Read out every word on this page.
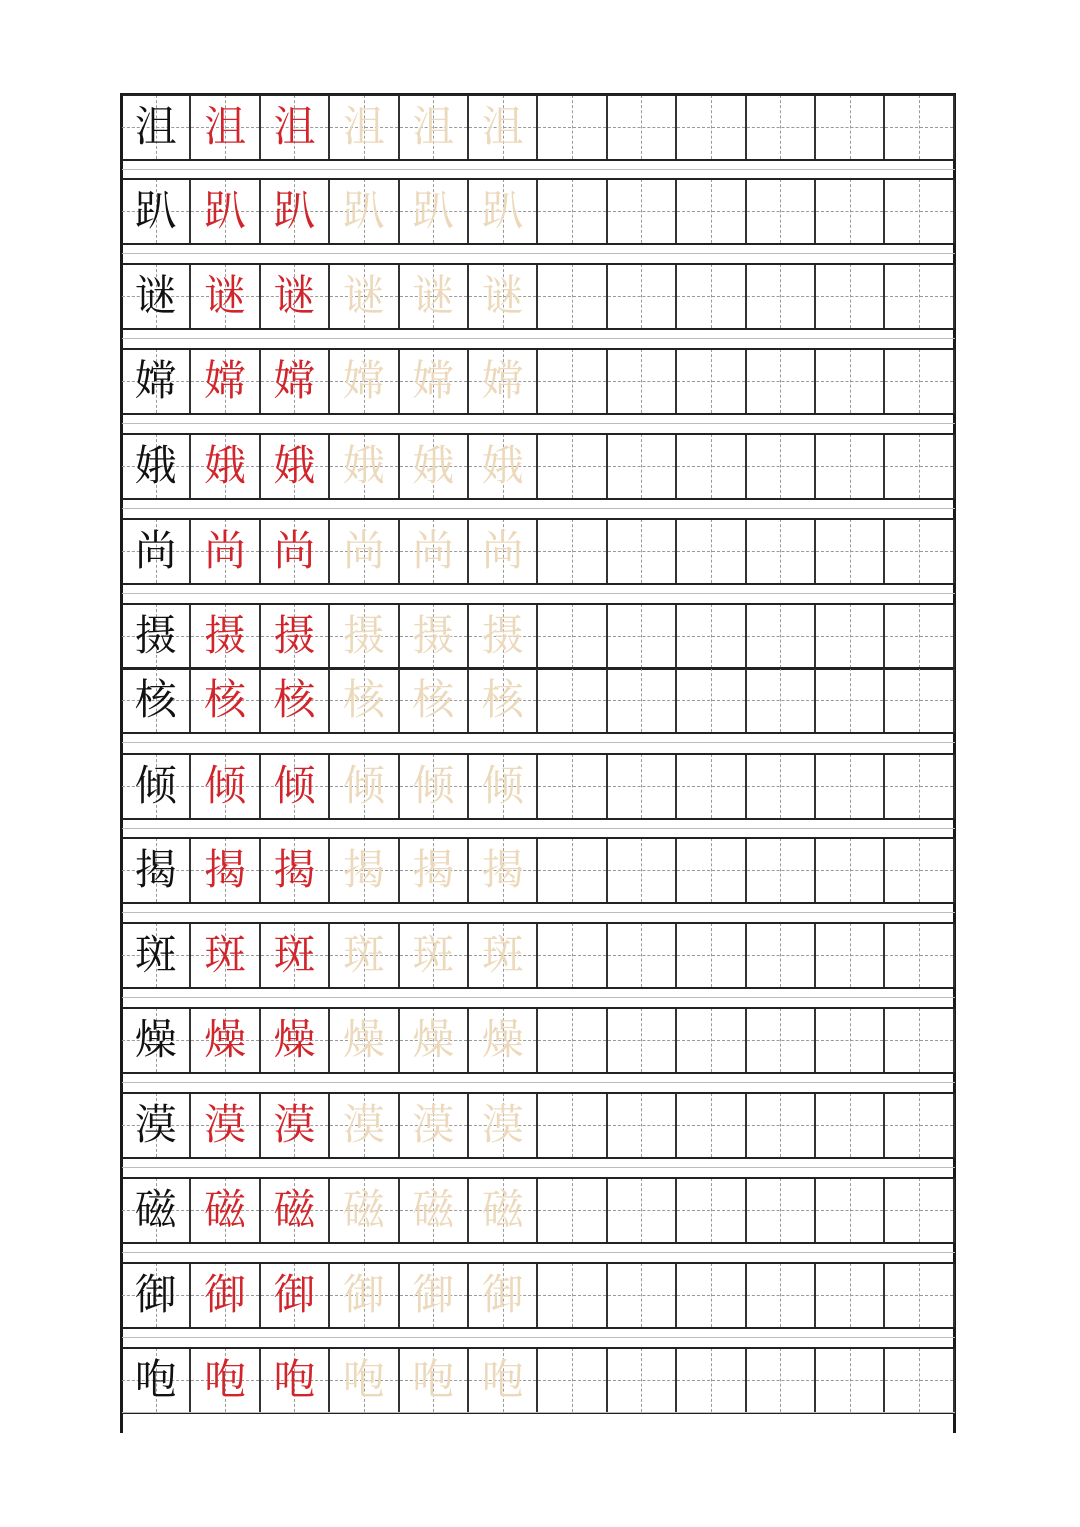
沮 沮 沮 沮 沮 沮
趴 趴 趴 趴 趴 趴
谜 谜 谜 谜 谜 谜
嫦 嫦 嫦 嫦 嫦 嫦
娥 娥 娥 娥 娥 娥
尚 尚 尚 尚 尚 尚
摄 摄 摄 摄 摄 摄
核 核 核 核 核 核
倾 倾 倾 倾 倾 倾
揭 揭 揭 揭 揭 揭
斑 斑 斑 斑 斑 斑
燥 燥 燥 燥 燥 燥
漠 漠 漠 漠 漠 漠
磁 磁 磁 磁 磁 磁
御 御 御 御 御 御
咆 咆 咆 咆 咆 咆
